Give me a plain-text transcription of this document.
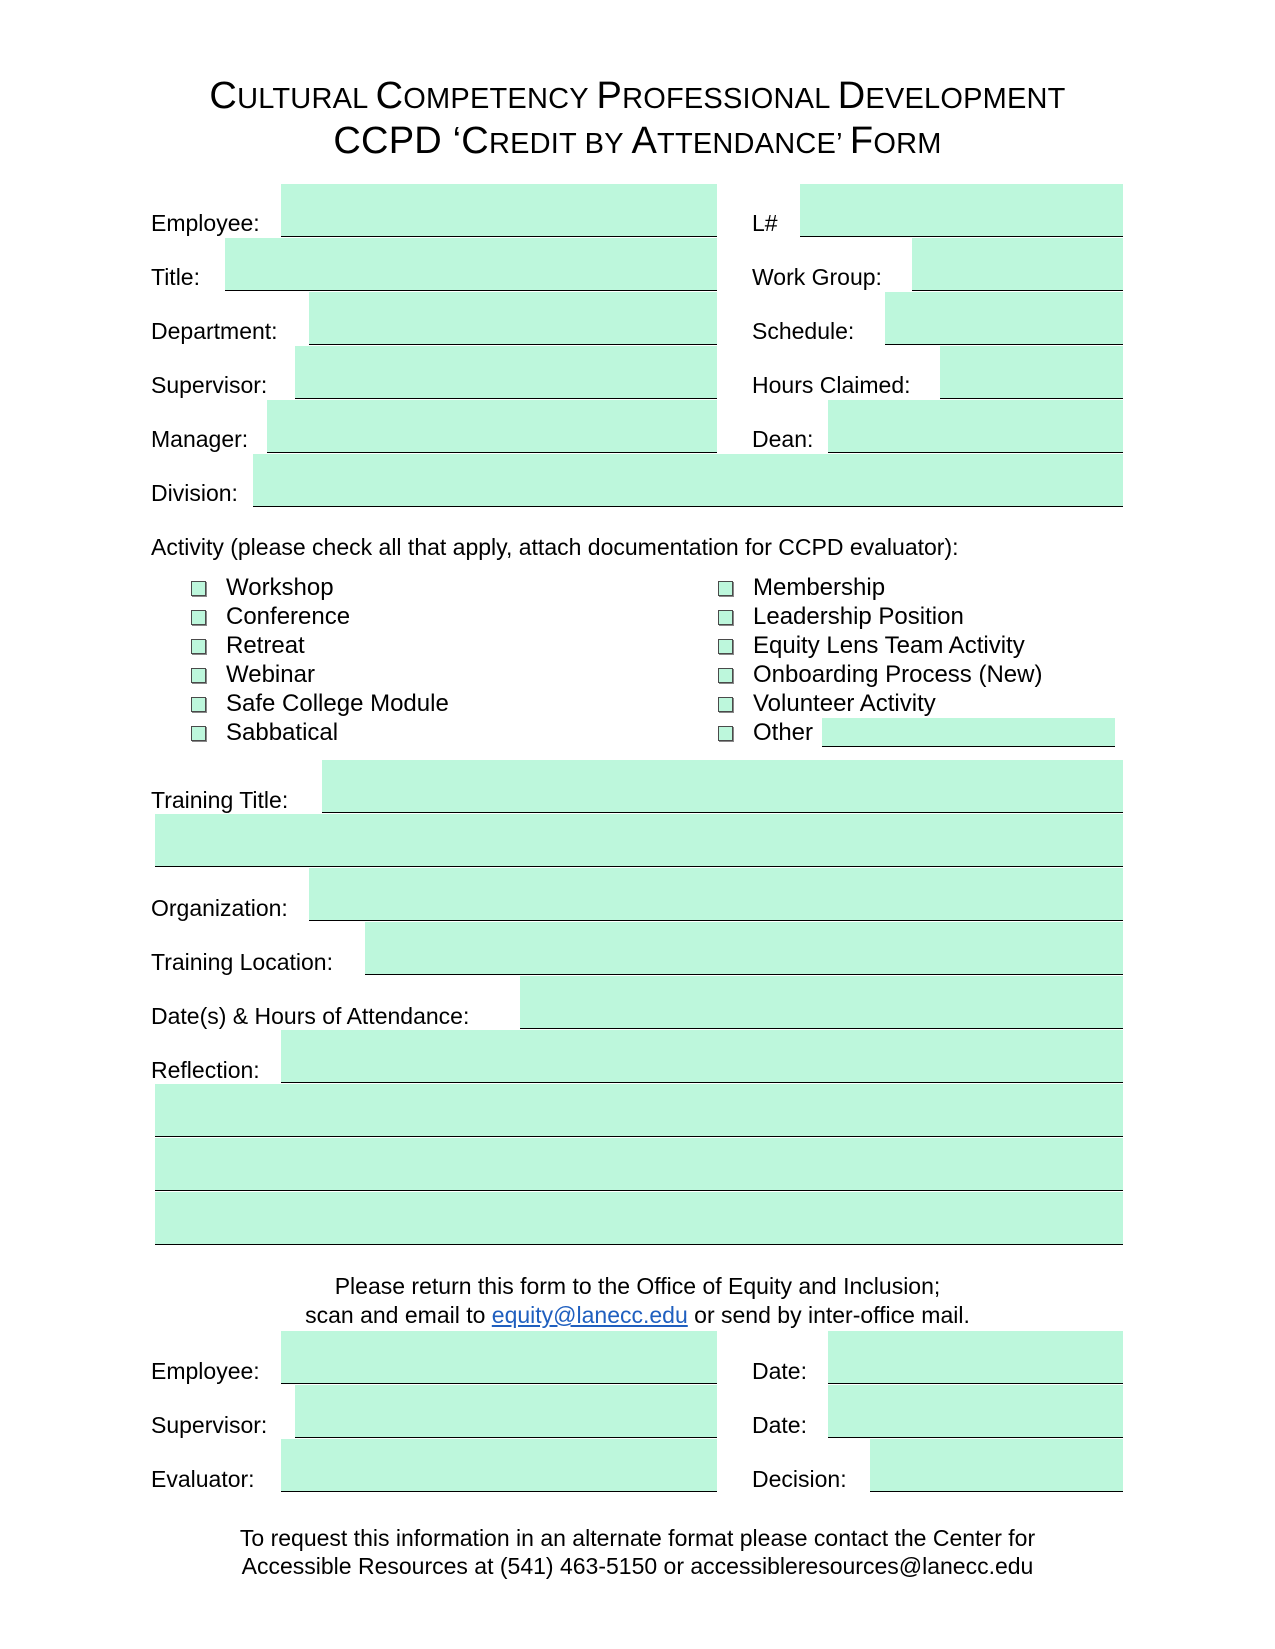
CULTURAL COMPETENCY PROFESSIONAL DEVELOPMENT
CCPD ‘CREDIT BY ATTENDANCE’ FORM
Employee:	L#
Title:	Work Group:
Department:	Schedule:
Supervisor:	Hours Claimed:
Manager:	Dean:
Division:
Activity (please check all that apply, attach documentation for CCPD evaluator):
Workshop
Conference
Retreat
Webinar
Safe College Module
Sabbatical
Membership
Leadership Position
Equity Lens Team Activity
Onboarding Process (New)
Volunteer Activity
Other
Training Title:
Organization:
Training Location:
Date(s) & Hours of Attendance:
Reflection:
Please return this form to the Office of Equity and Inclusion;
scan and email to equity@lanecc.edu or send by inter-office mail.
Employee:	Date:
Supervisor:	Date:
Evaluator:	Decision:
To request this information in an alternate format please contact the Center for
Accessible Resources at (541) 463-5150 or accessibleresources@lanecc.edu
